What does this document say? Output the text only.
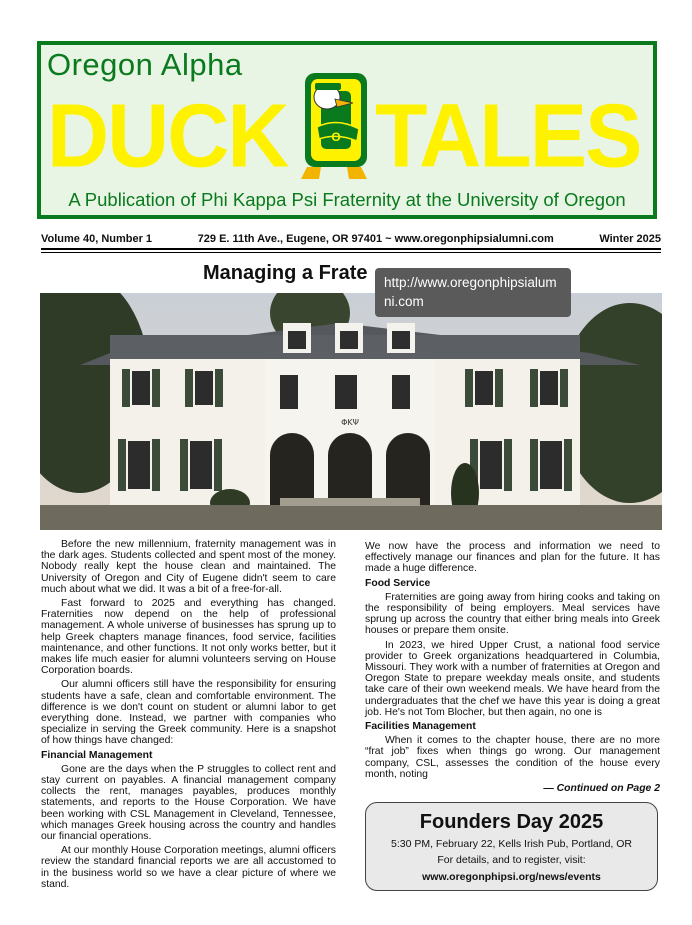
Oregon Alpha
DUCK TALES
O
A Publication of Phi Kappa Psi Fraternity at the University of Oregon
Volume 40, Number 1	729 E. 11th Ave., Eugene, OR 97401 ~ www.oregonphipsialumni.com	Winter 2025
Managing a Frate	http://www.oregonphipsialumni.com
ΦΚΨ

Before the new millennium, fraternity management was in the dark ages. Students collected and spent most of the money. Nobody really kept the house clean and maintained. The University of Oregon and City of Eugene didn't seem to care much about what we did. It was a bit of a free-for-all.

Fast forward to 2025 and everything has changed. Fraternities now depend on the help of professional management. A whole universe of businesses has sprung up to help Greek chapters manage finances, food service, facilities maintenance, and other functions. It not only works better, but it makes life much easier for alumni volunteers serving on House Corporation boards.

Our alumni officers still have the responsibility for ensuring students have a safe, clean and comfortable environment. The difference is we don't count on student or alumni labor to get everything done. Instead, we partner with companies who specialize in serving the Greek community. Here is a snapshot of how things have changed:

Financial Management

Gone are the days when the P struggles to collect rent and stay current on payables. A financial management company collects the rent, manages payables, produces monthly statements, and reports to the House Corporation. We have been working with CSL Management in Cleveland, Tennessee, which manages Greek housing across the country and handles our financial operations.

At our monthly House Corporation meetings, alumni officers review the standard financial reports we are all accustomed to in the business world so we have a clear picture of where we stand.

We now have the process and information we need to effectively manage our finances and plan for the future. It has made a huge difference.

Food Service

Fraternities are going away from hiring cooks and taking on the responsibility of being employers. Meal services have sprung up across the country that either bring meals into Greek houses or prepare them onsite.

In 2023, we hired Upper Crust, a national food service provider to Greek organizations headquartered in Columbia, Missouri. They work with a number of fraternities at Oregon and Oregon State to prepare weekday meals onsite, and students take care of their own weekend meals. We have heard from the undergraduates that the chef we have this year is doing a great job. He's not Tom Blocher, but then again, no one is

Facilities Management

When it comes to the chapter house, there are no more “frat job” fixes when things go wrong. Our management company, CSL, assesses the condition of the house every month, noting

— Continued on Page 2
Founders Day 2025
5:30 PM, February 22, Kells Irish Pub, Portland, OR
For details, and to register, visit:
www.oregonphipsi.org/news/events
